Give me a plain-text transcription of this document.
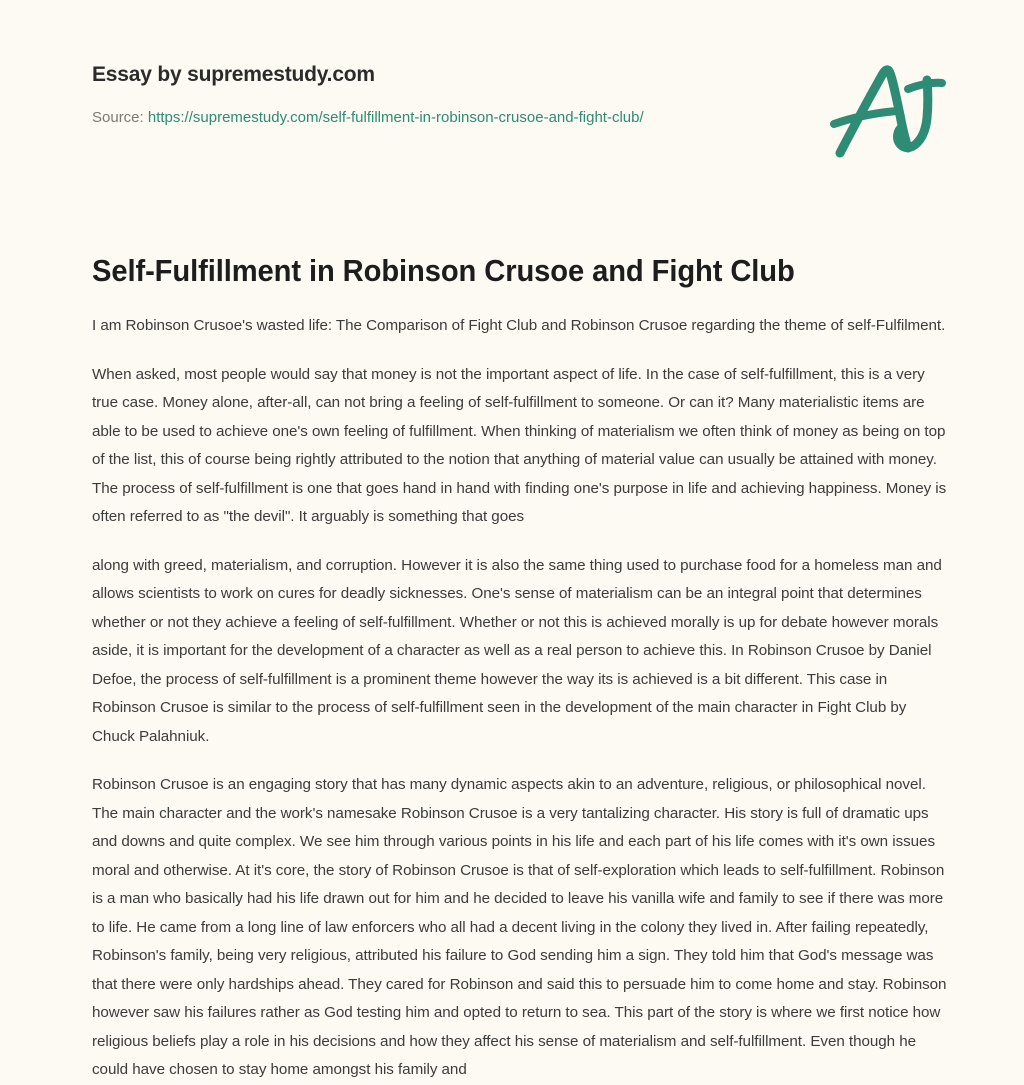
Essay by supremestudy.com
Source: https://supremestudy.com/self-fulfillment-in-robinson-crusoe-and-fight-club/
Self-Fulfillment in Robinson Crusoe and Fight Club

I am Robinson Crusoe's wasted life: The Comparison of Fight Club and Robinson Crusoe regarding the theme of self-Fulfilment.

When asked, most people would say that money is not the important aspect of life. In the case of self-fulfillment, this is a very true case. Money alone, after-all, can not bring a feeling of self-fulfillment to someone. Or can it? Many materialistic items are able to be used to achieve one's own feeling of fulfillment. When thinking of materialism we often think of money as being on top of the list, this of course being rightly attributed to the notion that anything of material value can usually be attained with money. The process of self-fulfillment is one that goes hand in hand with finding one's purpose in life and achieving happiness. Money is often referred to as "the devil". It arguably is something that goes

along with greed, materialism, and corruption. However it is also the same thing used to purchase food for a homeless man and allows scientists to work on cures for deadly sicknesses. One's sense of materialism can be an integral point that determines whether or not they achieve a feeling of self-fulfillment. Whether or not this is achieved morally is up for debate however morals aside, it is important for the development of a character as well as a real person to achieve this. In Robinson Crusoe by Daniel Defoe, the process of self-fulfillment is a prominent theme however the way its is achieved is a bit different. This case in Robinson Crusoe is similar to the process of self-fulfillment seen in the development of the main character in Fight Club by Chuck Palahniuk.

Robinson Crusoe is an engaging story that has many dynamic aspects akin to an adventure, religious, or philosophical novel. The main character and the work's namesake Robinson Crusoe is a very tantalizing character. His story is full of dramatic ups and downs and quite complex. We see him through various points in his life and each part of his life comes with it's own issues moral and otherwise. At it's core, the story of Robinson Crusoe is that of self-exploration which leads to self-fulfillment. Robinson is a man who basically had his life drawn out for him and he decided to leave his vanilla wife and family to see if there was more to life. He came from a long line of law enforcers who all had a decent living in the colony they lived in. After failing repeatedly, Robinson's family, being very religious, attributed his failure to God sending him a sign. They told him that God's message was that there were only hardships ahead. They cared for Robinson and said this to persuade him to come home and stay. Robinson however saw his failures rather as God testing him and opted to return to sea. This part of the story is where we first notice how religious beliefs play a role in his decisions and how they affect his sense of materialism and self-fulfillment. Even though he could have chosen to stay home amongst his family and
